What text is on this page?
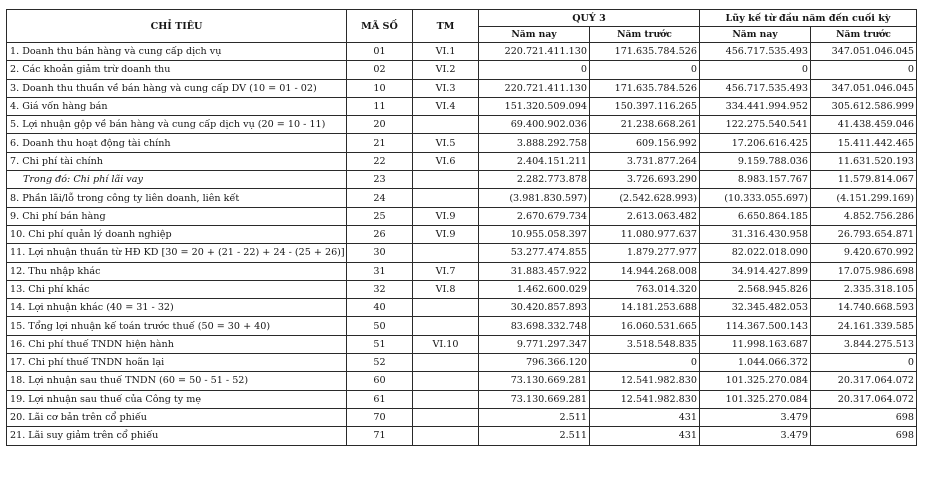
CHỈ TIÊU	MÃ SỐ	TM	QUÝ 3		Lũy kế từ đầu năm đến cuối kỳ	
			Năm nay	Năm trước	Năm nay	Năm trước
1. Doanh thu bán hàng và cung cấp dịch vụ	01	VI.1	220.721.411.130	171.635.784.526	456.717.535.493	347.051.046.045
2. Các khoản giảm trừ doanh thu	02	VI.2	0	0	0	0
3. Doanh thu thuần về bán hàng và cung cấp DV (10 = 01 - 02)	10	VI.3	220.721.411.130	171.635.784.526	456.717.535.493	347.051.046.045
4. Giá vốn hàng bán	11	VI.4	151.320.509.094	150.397.116.265	334.441.994.952	305.612.586.999
5. Lợi nhuận gộp về bán hàng và cung cấp dịch vụ (20 = 10 - 11)	20		69.400.902.036	21.238.668.261	122.275.540.541	41.438.459.046
6. Doanh thu hoạt động tài chính	21	VI.5	3.888.292.758	609.156.992	17.206.616.425	15.411.442.465
7. Chi phí tài chính	22	VI.6	2.404.151.211	3.731.877.264	9.159.788.036	11.631.520.193
Trong đó: Chi phí lãi vay	23		2.282.773.878	3.726.693.290	8.983.157.767	11.579.814.067
8. Phần lãi/lỗ trong công ty liên doanh, liên kết	24		(3.981.830.597)	(2.542.628.993)	(10.333.055.697)	(4.151.299.169)
9. Chi phí bán hàng	25	VI.9	2.670.679.734	2.613.063.482	6.650.864.185	4.852.756.286
10. Chi phí quản lý doanh nghiệp	26	VI.9	10.955.058.397	11.080.977.637	31.316.430.958	26.793.654.871
11. Lợi nhuận thuần từ HĐ KD [30 = 20 + (21 - 22) + 24 - (25 + 26)]	30		53.277.474.855	1.879.277.977	82.022.018.090	9.420.670.992
12. Thu nhập khác	31	VI.7	31.883.457.922	14.944.268.008	34.914.427.899	17.075.986.698
13. Chi phí khác	32	VI.8	1.462.600.029	763.014.320	2.568.945.826	2.335.318.105
14. Lợi nhuận khác (40 = 31 - 32)	40		30.420.857.893	14.181.253.688	32.345.482.053	14.740.668.593
15. Tổng lợi nhuận kế toán trước thuế (50 = 30 + 40)	50		83.698.332.748	16.060.531.665	114.367.500.143	24.161.339.585
16. Chi phí thuế TNDN hiện hành	51	VI.10	9.771.297.347	3.518.548.835	11.998.163.687	3.844.275.513
17. Chi phí thuế TNDN hoãn lại	52		796.366.120	0	1.044.066.372	0
18. Lợi nhuận sau thuế TNDN (60 = 50 - 51 - 52)	60		73.130.669.281	12.541.982.830	101.325.270.084	20.317.064.072
19. Lợi nhuận sau thuế của Công ty mẹ	61		73.130.669.281	12.541.982.830	101.325.270.084	20.317.064.072
20. Lãi cơ bản trên cổ phiếu	70		2.511	431	3.479	698
21. Lãi suy giảm trên cổ phiếu	71		2.511	431	3.479	698
